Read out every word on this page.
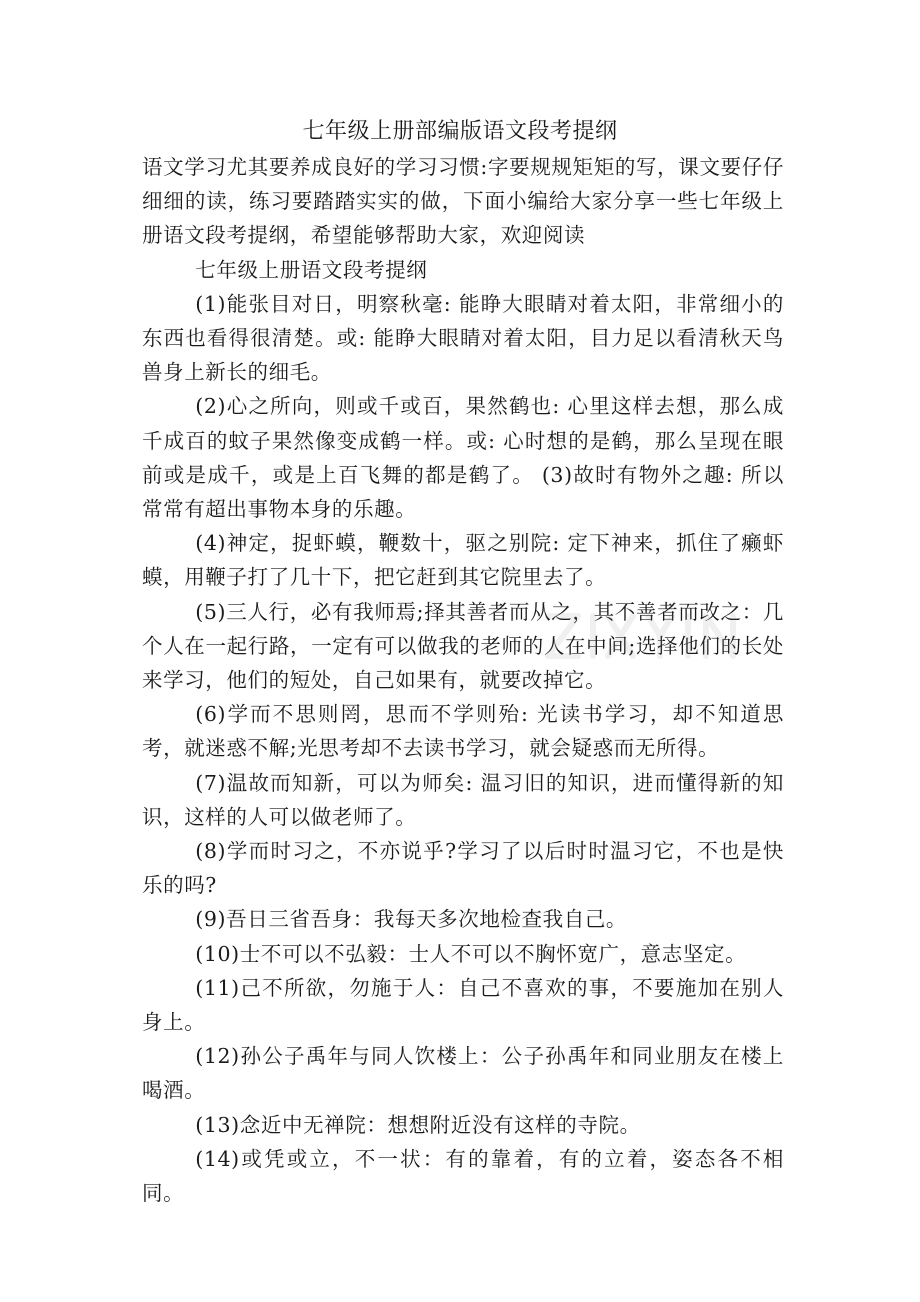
七年级上册部编版语文段考提纲

语文学习尤其要养成良好的学习习惯:字要规规矩矩的写，课文要仔仔细细的读，练习要踏踏实实的做，下面小编给大家分享一些七年级上册语文段考提纲，希望能够帮助大家，欢迎阅读

七年级上册语文段考提纲

(1)能张目对日，明察秋毫: 能睁大眼睛对着太阳，非常细小的东西也看得很清楚。或: 能睁大眼睛对着太阳，目力足以看清秋天鸟兽身上新长的细毛。

(2)心之所向，则或千或百，果然鹤也: 心里这样去想，那么成千成百的蚊子果然像变成鹤一样。或: 心时想的是鹤，那么呈现在眼前或是成千，或是上百飞舞的都是鹤了。 (3)故时有物外之趣: 所以常常有超出事物本身的乐趣。

(4)神定，捉虾蟆，鞭数十，驱之别院: 定下神来，抓住了癞虾蟆，用鞭子打了几十下，把它赶到其它院里去了。

(5)三人行，必有我师焉;择其善者而从之，其不善者而改之：几个人在一起行路，一定有可以做我的老师的人在中间;选择他们的长处来学习，他们的短处，自己如果有，就要改掉它。

(6)学而不思则罔，思而不学则殆: 光读书学习，却不知道思考，就迷惑不解;光思考却不去读书学习，就会疑惑而无所得。

(7)温故而知新，可以为师矣: 温习旧的知识，进而懂得新的知识，这样的人可以做老师了。

(8)学而时习之，不亦说乎?学习了以后时时温习它，不也是快乐的吗?

(9)吾日三省吾身：我每天多次地检查我自己。

(10)士不可以不弘毅：士人不可以不胸怀宽广，意志坚定。

(11)己不所欲，勿施于人：自己不喜欢的事，不要施加在别人身上。

(12)孙公子禹年与同人饮楼上：公子孙禹年和同业朋友在楼上喝酒。

(13)念近中无禅院：想想附近没有这样的寺院。

(14)或凭或立，不一状：有的靠着，有的立着，姿态各不相同。
